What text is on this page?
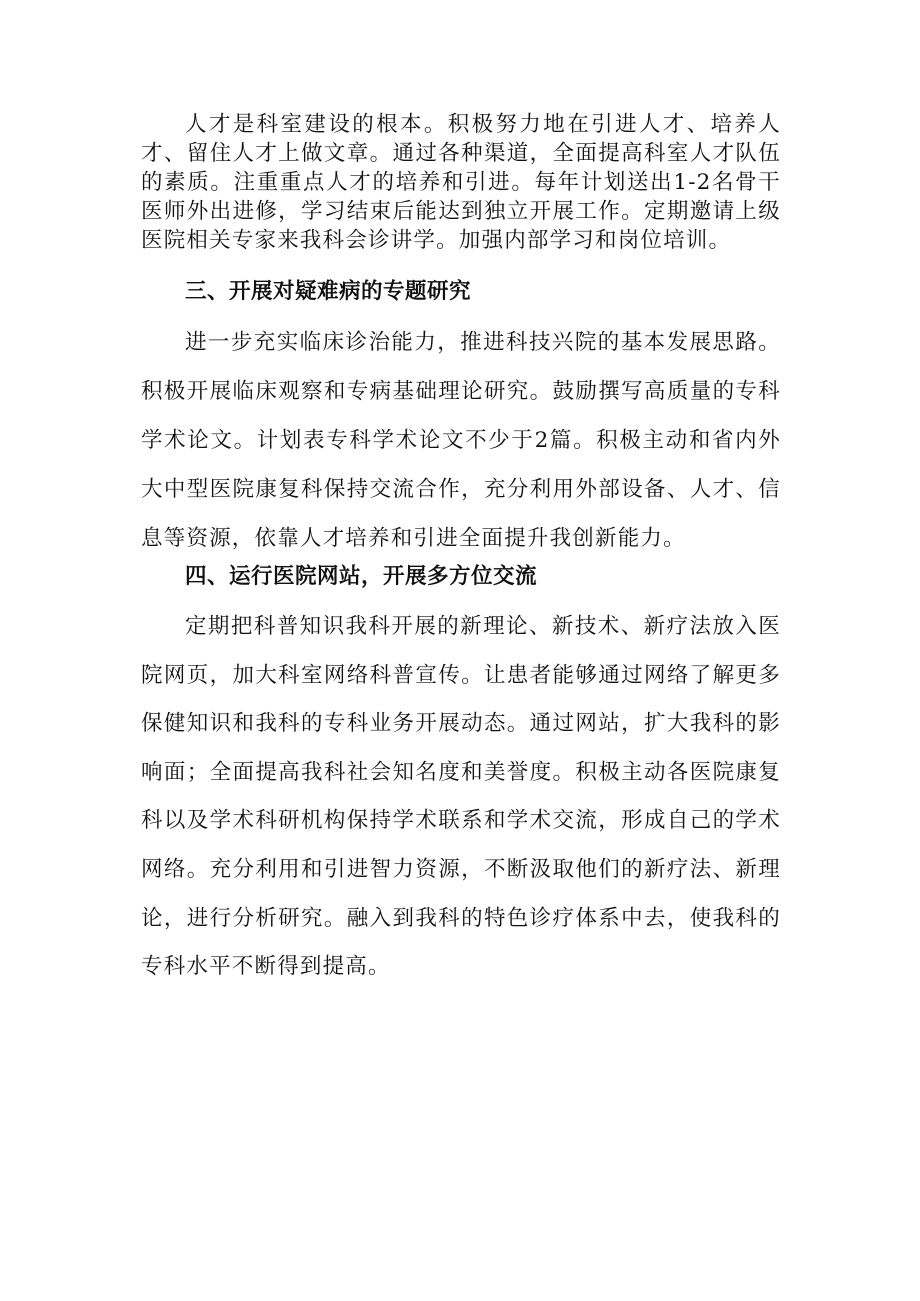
人才是科室建设的根本。积极努力地在引进人才、培养人才、留住人才上做文章。通过各种渠道，全面提高科室人才队伍的素质。注重重点人才的培养和引进。每年计划送出1-2名骨干医师外出进修，学习结束后能达到独立开展工作。定期邀请上级医院相关专家来我科会诊讲学。加强内部学习和岗位培训。

三、开展对疑难病的专题研究

进一步充实临床诊治能力，推进科技兴院的基本发展思路。积极开展临床观察和专病基础理论研究。鼓励撰写高质量的专科学术论文。计划表专科学术论文不少于2篇。积极主动和省内外大中型医院康复科保持交流合作，充分利用外部设备、人才、信息等资源，依靠人才培养和引进全面提升我创新能力。

四、运行医院网站，开展多方位交流

定期把科普知识我科开展的新理论、新技术、新疗法放入医院网页，加大科室网络科普宣传。让患者能够通过网络了解更多保健知识和我科的专科业务开展动态。通过网站，扩大我科的影响面；全面提高我科社会知名度和美誉度。积极主动各医院康复科以及学术科研机构保持学术联系和学术交流，形成自己的学术网络。充分利用和引进智力资源，不断汲取他们的新疗法、新理论，进行分析研究。融入到我科的特色诊疗体系中去，使我科的专科水平不断得到提高。
